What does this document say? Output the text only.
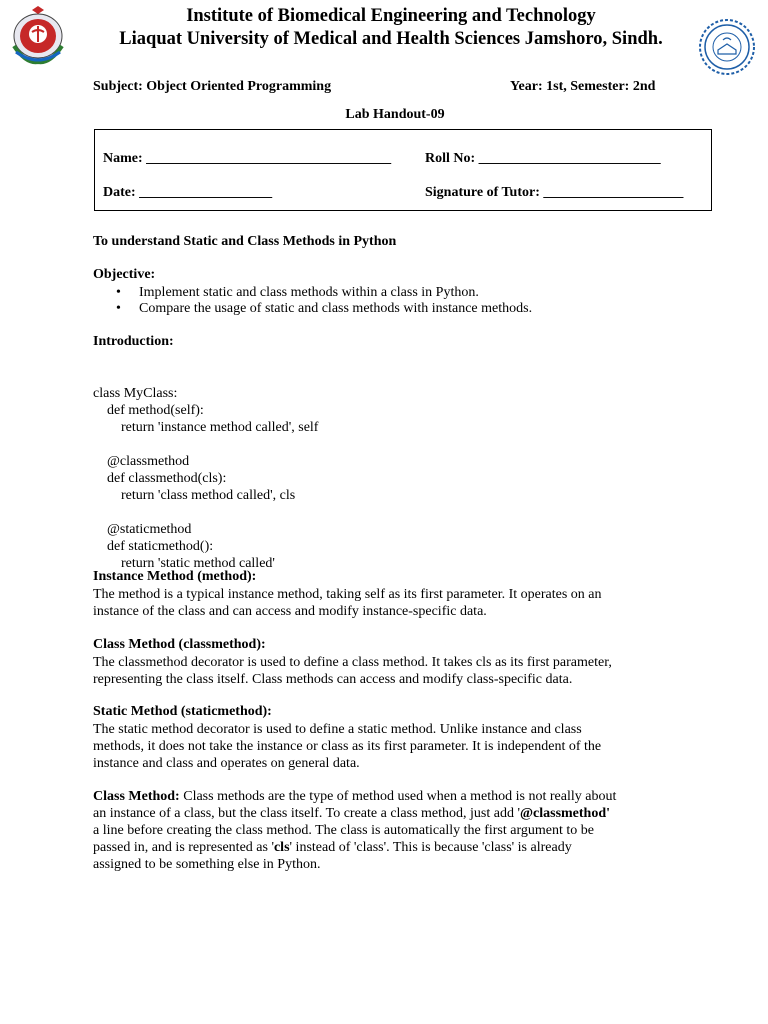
Institute of Biomedical Engineering and Technology
Liaquat University of Medical and Health Sciences Jamshoro, Sindh.
Subject: Object Oriented Programming	Year: 1st, Semester: 2nd
Lab Handout-09
Name: ___________________________________ Roll No: __________________________
Date: ___________________	Signature of Tutor: ____________________
To understand Static and Class Methods in Python
Objective:
• Implement static and class methods within a class in Python.
• Compare the usage of static and class methods with instance methods.
Introduction:

class MyClass:
def method(self):
return 'instance method called', self

@classmethod
def classmethod(cls):
return 'class method called', cls

@staticmethod
def staticmethod():
return 'static method called'

Instance Method (method):
The method is a typical instance method, taking self as its first parameter. It operates on an
instance of the class and can access and modify instance-specific data.
Class Method (classmethod):
The classmethod decorator is used to define a class method. It takes cls as its first parameter,
representing the class itself. Class methods can access and modify class-specific data.
Static Method (staticmethod):
The static method decorator is used to define a static method. Unlike instance and class
methods, it does not take the instance or class as its first parameter. It is independent of the
instance and class and operates on general data.
Class Method: Class methods are the type of method used when a method is not really about
an instance of a class, but the class itself. To create a class method, just add '@classmethod'
a line before creating the class method. The class is automatically the first argument to be
passed in, and is represented as 'cls' instead of 'class'. This is because 'class' is already
assigned to be something else in Python.
